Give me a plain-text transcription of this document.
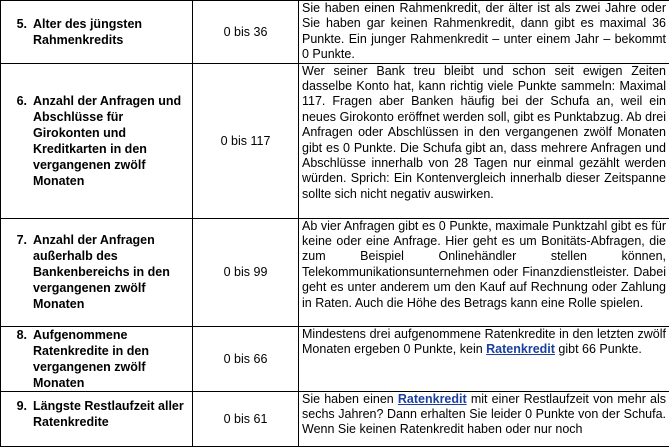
5. Alter des jüngsten Rahmenkredits	0 bis 36	Sie haben einen Rahmenkredit, der älter ist als zwei Jahre oder Sie haben gar keinen Rahmenkredit, dann gibt es maximal 36 Punkte. Ein junger Rahmenkredit – unter einem Jahr – bekommt 0 Punkte.

6. Anzahl der Anfragen und Abschlüsse für Girokonten und Kreditkarten in den vergangenen zwölf Monaten	0 bis 117	Wer seiner Bank treu bleibt und schon seit ewigen Zeiten dasselbe Konto hat, kann richtig viele Punkte sammeln: Maximal 117. Fragen aber Banken häufig bei der Schufa an, weil ein neues Girokonto eröffnet werden soll, gibt es Punktabzug. Ab drei Anfragen oder Abschlüssen in den vergangenen zwölf Monaten gibt es 0 Punkte. Die Schufa gibt an, dass mehrere Anfragen und Abschlüsse innerhalb von 28 Tagen nur einmal gezählt werden würden. Sprich: Ein Kontenvergleich innerhalb dieser Zeitspanne sollte sich nicht negativ auswirken.

7. Anzahl der Anfragen außerhalb des Bankenbereichs in den vergangenen zwölf Monaten	0 bis 99	Ab vier Anfragen gibt es 0 Punkte, maximale Punktzahl gibt es für keine oder eine Anfrage. Hier geht es um Bonitäts-Abfragen, die zum Beispiel Onlinehändler stellen können, Telekommunikationsunternehmen oder Finanzdienstleister. Dabei geht es unter anderem um den Kauf auf Rechnung oder Zahlung in Raten. Auch die Höhe des Betrags kann eine Rolle spielen.

8. Aufgenommene Ratenkredite in den vergangenen zwölf Monaten	0 bis 66	Mindestens drei aufgenommene Ratenkredite in den letzten zwölf Monaten ergeben 0 Punkte, kein Ratenkredit gibt 66 Punkte.

9. Längste Restlaufzeit aller Ratenkredite	0 bis 61	Sie haben einen Ratenkredit mit einer Restlaufzeit von mehr als sechs Jahren? Dann erhalten Sie leider 0 Punkte von der Schufa. Wenn Sie keinen Ratenkredit haben oder nur noch
